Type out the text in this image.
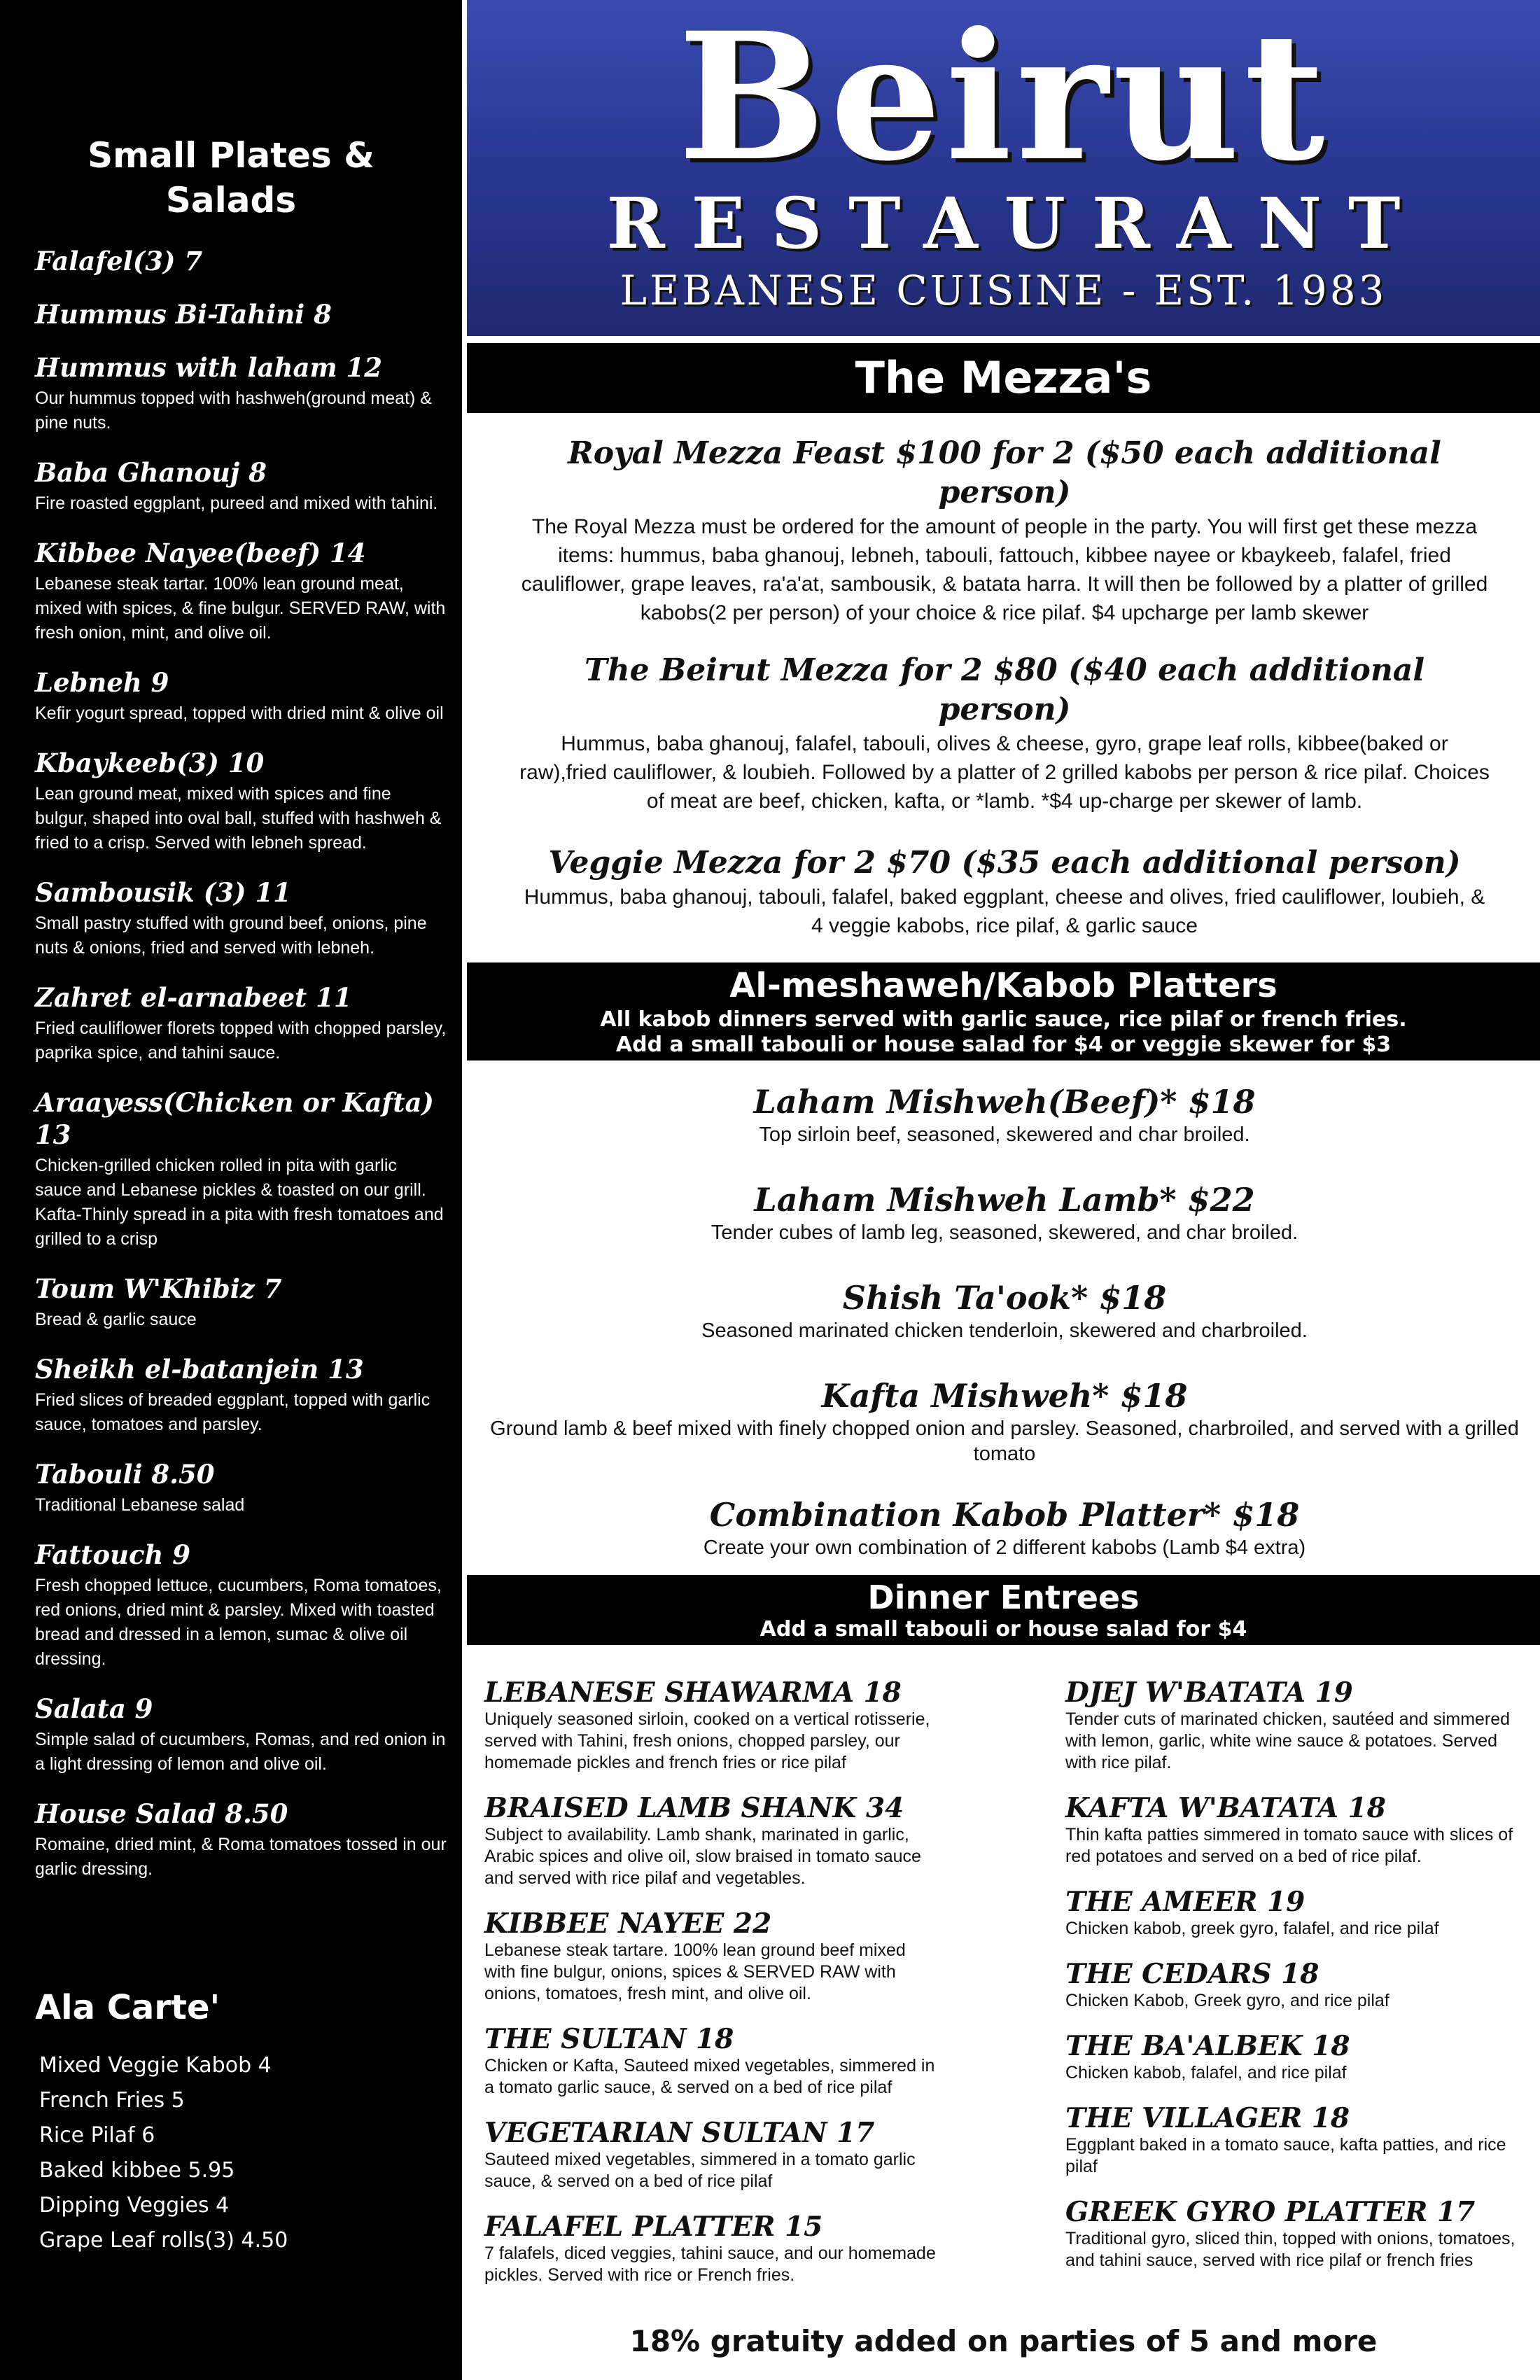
Small Plates & Salads
Falafel(3) 7
Hummus Bi-Tahini 8
Hummus with laham 12
Our hummus topped with hashweh(ground meat) & pine nuts.
Baba Ghanouj 8
Fire roasted eggplant, pureed and mixed with tahini.
Kibbee Nayee(beef) 14
Lebanese steak tartar. 100% lean ground meat, mixed with spices, & fine bulgur. SERVED RAW, with fresh onion, mint, and olive oil.
Lebneh 9
Kefir yogurt spread, topped with dried mint & olive oil
Kbaykeeb(3) 10
Lean ground meat, mixed with spices and fine bulgur, shaped into oval ball, stuffed with hashweh & fried to a crisp. Served with lebneh spread.
Sambousik (3) 11
Small pastry stuffed with ground beef, onions, pine nuts & onions, fried and served with lebneh.
Zahret el-arnabeet 11
Fried cauliflower florets topped with chopped parsley, paprika spice, and tahini sauce.
Araayess(Chicken or Kafta) 13
Chicken-grilled chicken rolled in pita with garlic sauce and Lebanese pickles & toasted on our grill. Kafta-Thinly spread in a pita with fresh tomatoes and grilled to a crisp
Toum W'Khibiz 7
Bread & garlic sauce
Sheikh el-batanjein 13
Fried slices of breaded eggplant, topped with garlic sauce, tomatoes and parsley.
Tabouli 8.50
Traditional Lebanese salad
Fattouch 9
Fresh chopped lettuce, cucumbers, Roma tomatoes, red onions, dried mint & parsley. Mixed with toasted bread and dressed in a lemon, sumac & olive oil dressing.
Salata 9
Simple salad of cucumbers, Romas, and red onion in a light dressing of lemon and olive oil.
House Salad 8.50
Romaine, dried mint, & Roma tomatoes tossed in our garlic dressing.
Ala Carte'
Mixed Veggie Kabob 4
French Fries 5
Rice Pilaf 6
Baked kibbee 5.95
Dipping Veggies 4
Grape Leaf rolls(3) 4.50
Beirut
RESTAURANT
LEBANESE CUISINE - EST. 1983
The Mezza's
Royal Mezza Feast $100 for 2 ($50 each additional person)
The Royal Mezza must be ordered for the amount of people in the party. You will first get these mezza items: hummus, baba ghanouj, lebneh, tabouli, fattouch, kibbee nayee or kbaykeeb, falafel, fried cauliflower, grape leaves, ra'a'at, sambousik, & batata harra. It will then be followed by a platter of grilled kabobs(2 per person) of your choice & rice pilaf. $4 upcharge per lamb skewer
The Beirut Mezza for 2 $80 ($40 each additional person)
Hummus, baba ghanouj, falafel, tabouli, olives & cheese, gyro, grape leaf rolls, kibbee(baked or raw),fried cauliflower, & loubieh. Followed by a platter of 2 grilled kabobs per person & rice pilaf. Choices of meat are beef, chicken, kafta, or *lamb. *$4 up-charge per skewer of lamb.
Veggie Mezza for 2 $70 ($35 each additional person)
Hummus, baba ghanouj, tabouli, falafel, baked eggplant, cheese and olives, fried cauliflower, loubieh, & 4 veggie kabobs, rice pilaf, & garlic sauce
Al-meshaweh/Kabob Platters
All kabob dinners served with garlic sauce, rice pilaf or french fries.
Add a small tabouli or house salad for $4 or veggie skewer for $3
Laham Mishweh(Beef)* $18
Top sirloin beef, seasoned, skewered and char broiled.
Laham Mishweh Lamb* $22
Tender cubes of lamb leg, seasoned, skewered, and char broiled.
Shish Ta'ook* $18
Seasoned marinated chicken tenderloin, skewered and charbroiled.
Kafta Mishweh* $18
Ground lamb & beef mixed with finely chopped onion and parsley. Seasoned, charbroiled, and served with a grilled tomato
Combination Kabob Platter* $18
Create your own combination of 2 different kabobs (Lamb $4 extra)
Dinner Entrees
Add a small tabouli or house salad for $4
LEBANESE SHAWARMA 18
Uniquely seasoned sirloin, cooked on a vertical rotisserie, served with Tahini, fresh onions, chopped parsley, our homemade pickles and french fries or rice pilaf
BRAISED LAMB SHANK 34
Subject to availability. Lamb shank, marinated in garlic, Arabic spices and olive oil, slow braised in tomato sauce and served with rice pilaf and vegetables.
KIBBEE NAYEE 22
Lebanese steak tartare. 100% lean ground beef mixed with fine bulgur, onions, spices & SERVED RAW with onions, tomatoes, fresh mint, and olive oil.
THE SULTAN 18
Chicken or Kafta, Sauteed mixed vegetables, simmered in a tomato garlic sauce, & served on a bed of rice pilaf
VEGETARIAN SULTAN 17
Sauteed mixed vegetables, simmered in a tomato garlic sauce, & served on a bed of rice pilaf
FALAFEL PLATTER 15
7 falafels, diced veggies, tahini sauce, and our homemade pickles. Served with rice or French fries.
DJEJ W'BATATA 19
Tender cuts of marinated chicken, sautéed and simmered with lemon, garlic, white wine sauce & potatoes. Served with rice pilaf.
KAFTA W'BATATA 18
Thin kafta patties simmered in tomato sauce with slices of red potatoes and served on a bed of rice pilaf.
THE AMEER 19
Chicken kabob, greek gyro, falafel, and rice pilaf
THE CEDARS 18
Chicken Kabob, Greek gyro, and rice pilaf
THE BA'ALBEK 18
Chicken kabob, falafel, and rice pilaf
THE VILLAGER 18
Eggplant baked in a tomato sauce, kafta patties, and rice pilaf
GREEK GYRO PLATTER 17
Traditional gyro, sliced thin, topped with onions, tomatoes, and tahini sauce, served with rice pilaf or french fries
18% gratuity added on parties of 5 and more
